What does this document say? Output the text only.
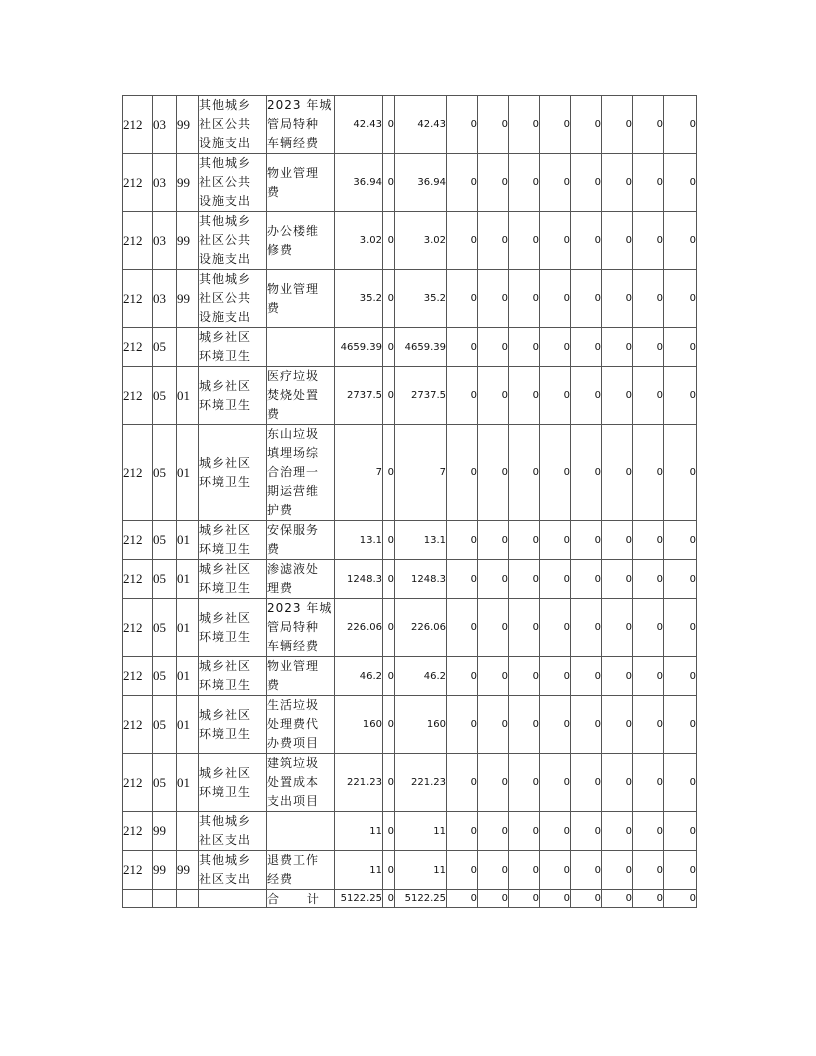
212	03	99	其他城乡
社区公共
设施支出	2023 年城
管局特种
车辆经费	42.43	0	42.43	0	0	0	0	0	0	0	0
212	03	99	其他城乡
社区公共
设施支出	物业管理
费	36.94	0	36.94	0	0	0	0	0	0	0	0
212	03	99	其他城乡
社区公共
设施支出	办公楼维
修费	3.02	0	3.02	0	0	0	0	0	0	0	0
212	03	99	其他城乡
社区公共
设施支出	物业管理
费	35.2	0	35.2	0	0	0	0	0	0	0	0
212	05		城乡社区
环境卫生		4659.39	0	4659.39	0	0	0	0	0	0	0	0
212	05	01	城乡社区
环境卫生	医疗垃圾
焚烧处置
费	2737.5	0	2737.5	0	0	0	0	0	0	0	0
212	05	01	城乡社区
环境卫生	东山垃圾
填埋场综
合治理一
期运营维
护费	7	0	7	0	0	0	0	0	0	0	0
212	05	01	城乡社区
环境卫生	安保服务
费	13.1	0	13.1	0	0	0	0	0	0	0	0
212	05	01	城乡社区
环境卫生	渗滤液处
理费	1248.3	0	1248.3	0	0	0	0	0	0	0	0
212	05	01	城乡社区
环境卫生	2023 年城
管局特种
车辆经费	226.06	0	226.06	0	0	0	0	0	0	0	0
212	05	01	城乡社区
环境卫生	物业管理
费	46.2	0	46.2	0	0	0	0	0	0	0	0
212	05	01	城乡社区
环境卫生	生活垃圾
处理费代
办费项目	160	0	160	0	0	0	0	0	0	0	0
212	05	01	城乡社区
环境卫生	建筑垃圾
处置成本
支出项目	221.23	0	221.23	0	0	0	0	0	0	0	0
212	99		其他城乡
社区支出		11	0	11	0	0	0	0	0	0	0	0
212	99	99	其他城乡
社区支出	退费工作
经费	11	0	11	0	0	0	0	0	0	0	0
				合 计	5122.25	0	5122.25	0	0	0	0	0	0	0	0
